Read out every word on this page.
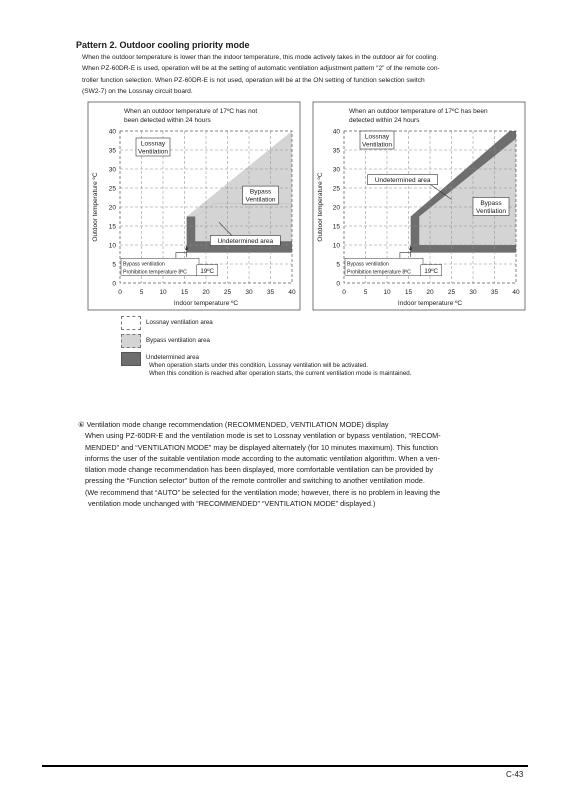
Pattern 2. Outdoor cooling priority mode
When the outdoor temperature is lower than the indoor temperature, this mode actively takes in the outdoor air for cooling.
When PZ-60DR-E is used, operation will be at the setting of automatic ventilation adjustment pattern “2” of the remote con-
troller function selection. When PZ-60DR-E is not used, operation will be at the ON setting of function selection switch
(SW2-7) on the Lossnay circuit board.
40
35
30
25
20
15
10
5
0
0	5 10 15 20 25 30 35 40
Indoor temperature ºC
Outdoor temperature ºC
When an outdoor temperature of 17ºC has not
been detected within 24 hours
Lossnay
Ventilation
Bypass
Ventilation
Undetermined area
Bypass ventilation
Prohibition temperature 8ºC 19ºC
40
35
30
25
20
15
10
5
0
0	5 10 15 20 25 30 35 40
Indoor temperature ºC
Outdoor temperature ºC
When an outdoor temperature of 17ºC has been
detected within 24 hours
Lossnay
Ventilation
Bypass
Ventilation
Undetermined area
Bypass ventilation
Prohibition temperature 8ºC 19ºC
Lossnay ventilation area
Bypass ventilation area
Undetermined area
When operation starts under this condition, Lossnay ventilation will be activated.
When this condition is reached after operation starts, the current ventilation mode is maintained.
⑥ Ventilation mode change recommendation (RECOMMENDED, VENTILATION MODE) display
When using PZ-60DR-E and the ventilation mode is set to Lossnay ventilation or bypass ventilation, “RECOM-
MENDED” and “VENTILATION MODE” may be displayed alternately (for 10 minutes maximum). This function
informs the user of the suitable ventilation mode according to the automatic ventilation algorithm. When a ven-
tilation mode change recommendation has been displayed, more comfortable ventilation can be provided by
pressing the “Function selector” button of the remote controller and switching to another ventilation mode.
(We recommend that “AUTO” be selected for the ventilation mode; however, there is no problem in leaving the
ventilation mode unchanged with “RECOMMENDED” “VENTILATION MODE” displayed.)
C-43
